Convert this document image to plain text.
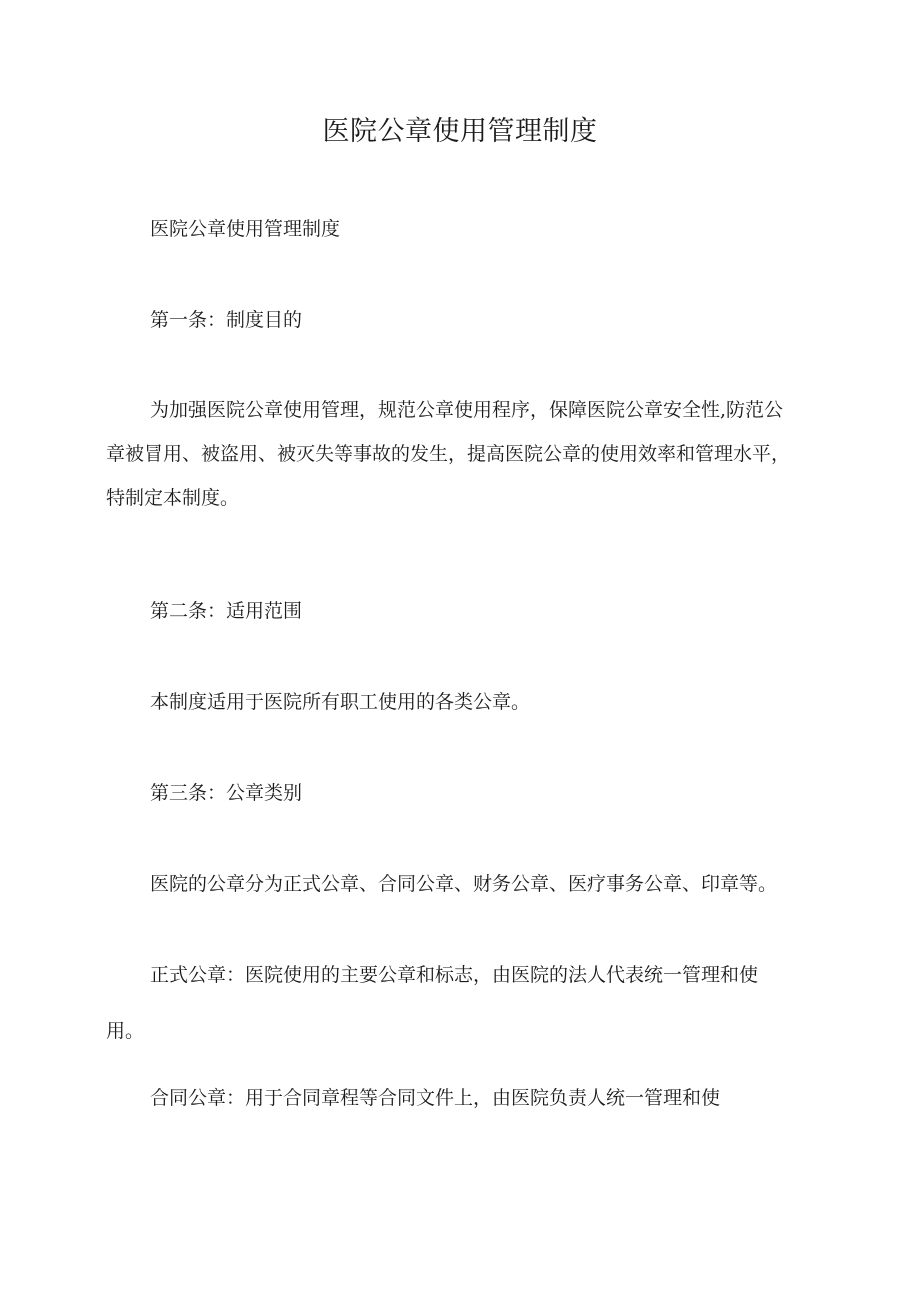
医院公章使用管理制度
医院公章使用管理制度
第一条：制度目的
为加强医院公章使用管理，规范公章使用程序，保障医院公章安全性,防范公
章被冒用、被盗用、被灭失等事故的发生，提高医院公章的使用效率和管理水平，
特制定本制度。
第二条：适用范围
本制度适用于医院所有职工使用的各类公章。
第三条：公章类别
医院的公章分为正式公章、合同公章、财务公章、医疗事务公章、印章等。
正式公章：医院使用的主要公章和标志，由医院的法人代表统一管理和使
用。
合同公章：用于合同章程等合同文件上，由医院负责人统一管理和使
